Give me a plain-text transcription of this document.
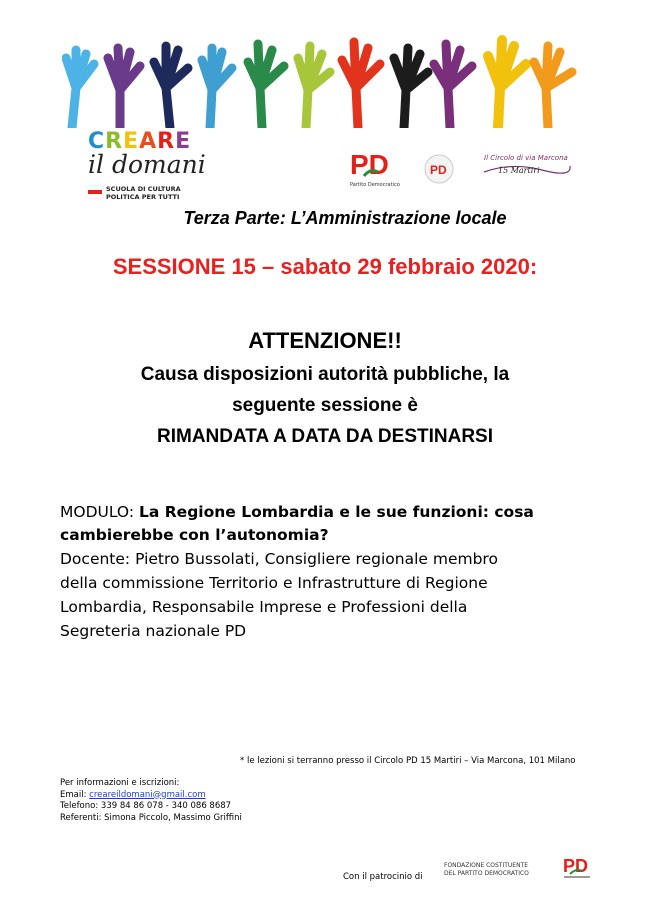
CREARE
il domani
SCUOLA DI CULTURA POLITICA PER TUTTI
PD
Partito Democratico
PD
Il Circolo di via Marcona
15 Martiri
Terza Parte: L’Amministrazione locale
SESSIONE 15 – sabato 29 febbraio 2020:
ATTENZIONE!!
Causa disposizioni autorità pubbliche, la
seguente sessione è
RIMANDATA A DATA DA DESTINARSI
MODULO: La Regione Lombardia e le sue funzioni: cosa
cambierebbe con l’autonomia?
Docente: Pietro Bussolati, Consigliere regionale membro
della commissione Territorio e Infrastrutture di Regione
Lombardia, Responsabile Imprese e Professioni della
Segreteria nazionale PD
* le lezioni si terranno presso il Circolo PD 15 Martiri – Via Marcona, 101 Milano
Per informazioni e iscrizioni:
Email: creareildomani@gmail.com
Telefono: 339 84 86 078 - 340 086 8687
Referenti: Simona Piccolo, Massimo Griffini
Con il patrocinio di
FONDAZIONE COSTITUENTE
DEL PARTITO DEMOCRATICO PD
